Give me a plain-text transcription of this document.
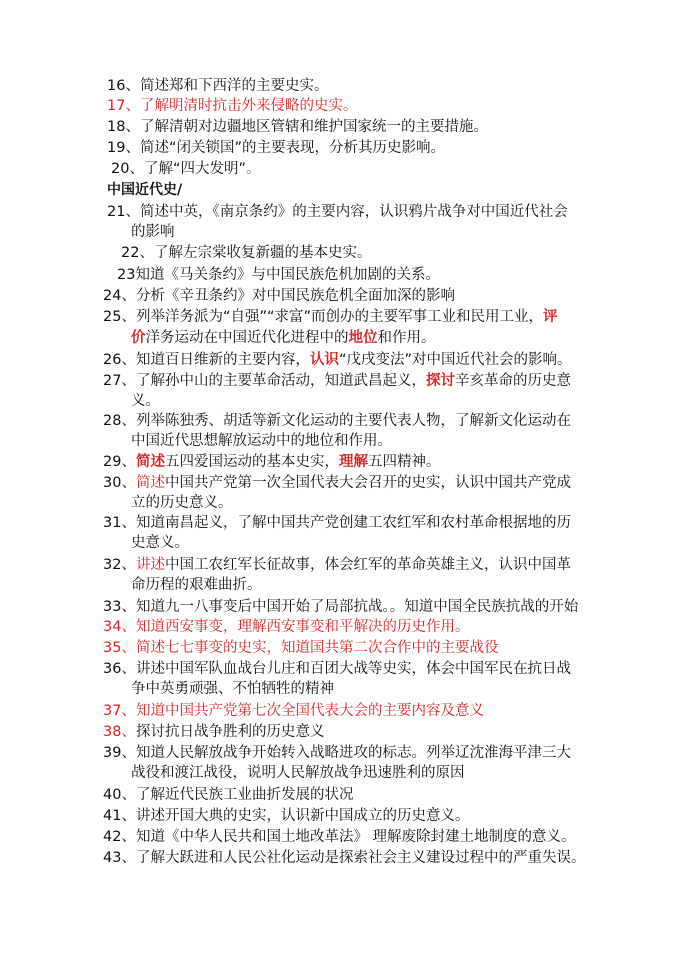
16、简述郑和下西洋的主要史实。

17、了解明清时抗击外来侵略的史实。

18、了解清朝对边疆地区管辖和维护国家统一的主要措施。

19、简述“闭关锁国”的主要表现，分析其历史影响。

20、了解“四大发明”。

中国近代史/

21、简述中英，《南京条约》的主要内容，认识鸦片战争对中国近代社会

的影响

22、了解左宗棠收复新疆的基本史实。

23知道《马关条约》与中国民族危机加剧的关系。

24、分析《辛丑条约》对中国民族危机全面加深的影响

25、列举洋务派为“自强”“求富”而创办的主要军事工业和民用工业，评

价洋务运动在中国近代化进程中的地位和作用。

26、知道百日维新的主要内容，认识“戊戌变法”对中国近代社会的影响。

27、了解孙中山的主要革命活动，知道武昌起义，探讨辛亥革命的历史意

义。

28、列举陈独秀、胡适等新文化运动的主要代表人物，了解新文化运动在

中国近代思想解放运动中的地位和作用。

29、简述五四爱国运动的基本史实，理解五四精神。

30、简述中国共产党第一次全国代表大会召开的史实，认识中国共产党成

立的历史意义。

31、知道南昌起义，了解中国共产党创建工农红军和农村革命根据地的历

史意义。

32、讲述中国工农红军长征故事，体会红军的革命英雄主义，认识中国革

命历程的艰难曲折。

33、知道九一八事变后中国开始了局部抗战。。知道中国全民族抗战的开始

34、知道西安事变，理解西安事变和平解决的历史作用。

35、简述七七事变的史实，知道国共第二次合作中的主要战役

36、讲述中国军队血战台儿庄和百团大战等史实，体会中国军民在抗日战

争中英勇顽强、不怕牺牲的精神

37、知道中国共产党第七次全国代表大会的主要内容及意义

38、探讨抗日战争胜利的历史意义

39、知道人民解放战争开始转入战略进攻的标志。列举辽沈淮海平津三大

战役和渡江战役，说明人民解放战争迅速胜利的原因

40、了解近代民族工业曲折发展的状况

41、讲述开国大典的史实，认识新中国成立的历史意义。

42、知道《中华人民共和国土地改革法》 理解废除封建土地制度的意义。

43、了解大跃进和人民公社化运动是探索社会主义建设过程中的严重失误。
